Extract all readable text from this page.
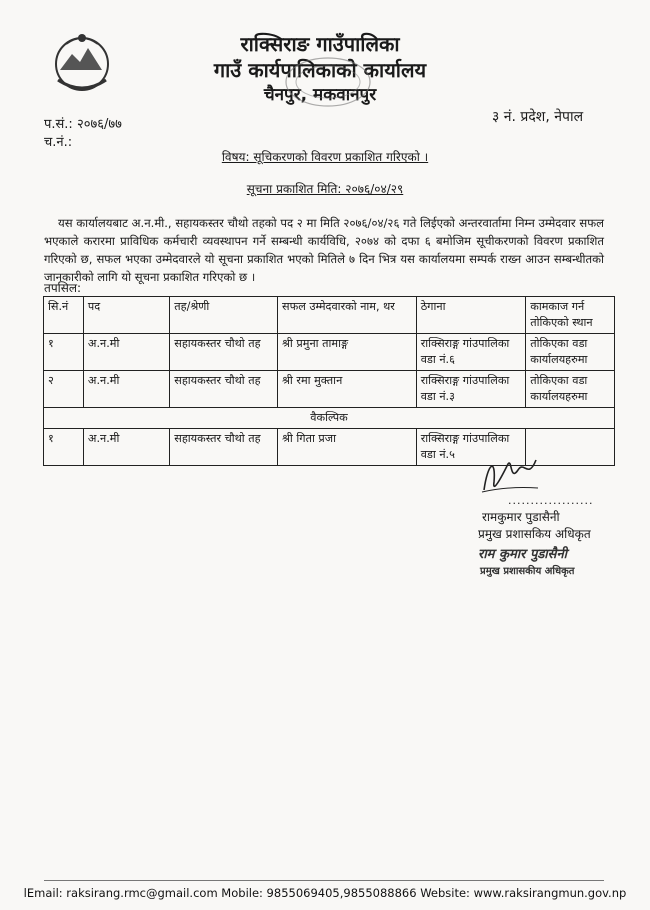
राक्सिराङ गाउँपालिका
गाउँ कार्यपालिकाको कार्यालय
चैनपुर, मकवानपुर
प.सं.: २०७६/७७
च.नं.:
३ नं. प्रदेश, नेपाल
विषय: सूचिकरणको विवरण प्रकाशित गरिएको ।
सूचना प्रकाशित मिति: २०७६/०४/२९
यस कार्यालयबाट अ.न.मी., सहायकस्तर चौथो तहको पद २ मा मिति २०७६/०४/२६ गते लिईएको अन्तरवार्तामा निम्न उम्मेदवार सफल भएकाले करारमा प्राविधिक कर्मचारी व्यवस्थापन गर्ने सम्बन्धी कार्यविधि, २०७४ को दफा ६ बमोजिम सूचीकरणको विवरण प्रकाशित गरिएको छ, सफल भएका उम्मेदवारले यो सूचना प्रकाशित भएको मितिले ७ दिन भित्र यस कार्यालयमा सम्पर्क राख्न आउन सम्बन्धीतको जानकारीको लागि यो सूचना प्रकाशित गरिएको छ ।
तपसिल:
सि.नं	पद	तह/श्रेणी	सफल उम्मेदवारको नाम, थर	ठेगाना	कामकाज गर्न तोकिएको स्थान
१	अ.न.मी	सहायकस्तर चौथो तह	श्री प्रमुना तामाङ्ग	राक्सिराङ्ग गांउपालिका वडा नं.६	तोकिएका वडा कार्यालयहरुमा
२	अ.न.मी	सहायकस्तर चौथो तह	श्री रमा मुक्तान	राक्सिराङ्ग गांउपालिका वडा नं.३	तोकिएका वडा कार्यालयहरुमा
वैकल्पिक					
१	अ.न.मी	सहायकस्तर चौथो तह	श्री गिता प्रजा	राक्सिराङ्ग गांउपालिका वडा नं.५	
...................
रामकुमार पुडासैनी
प्रमुख प्रशासकिय अधिकृत
राम कुमार पुडासैनी
प्रमुख प्रशासकीय अधिकृत
lEmail: raksirang.rmc@gmail.com Mobile: 9855069405,9855088866 Website: www.raksirangmun.gov.np
